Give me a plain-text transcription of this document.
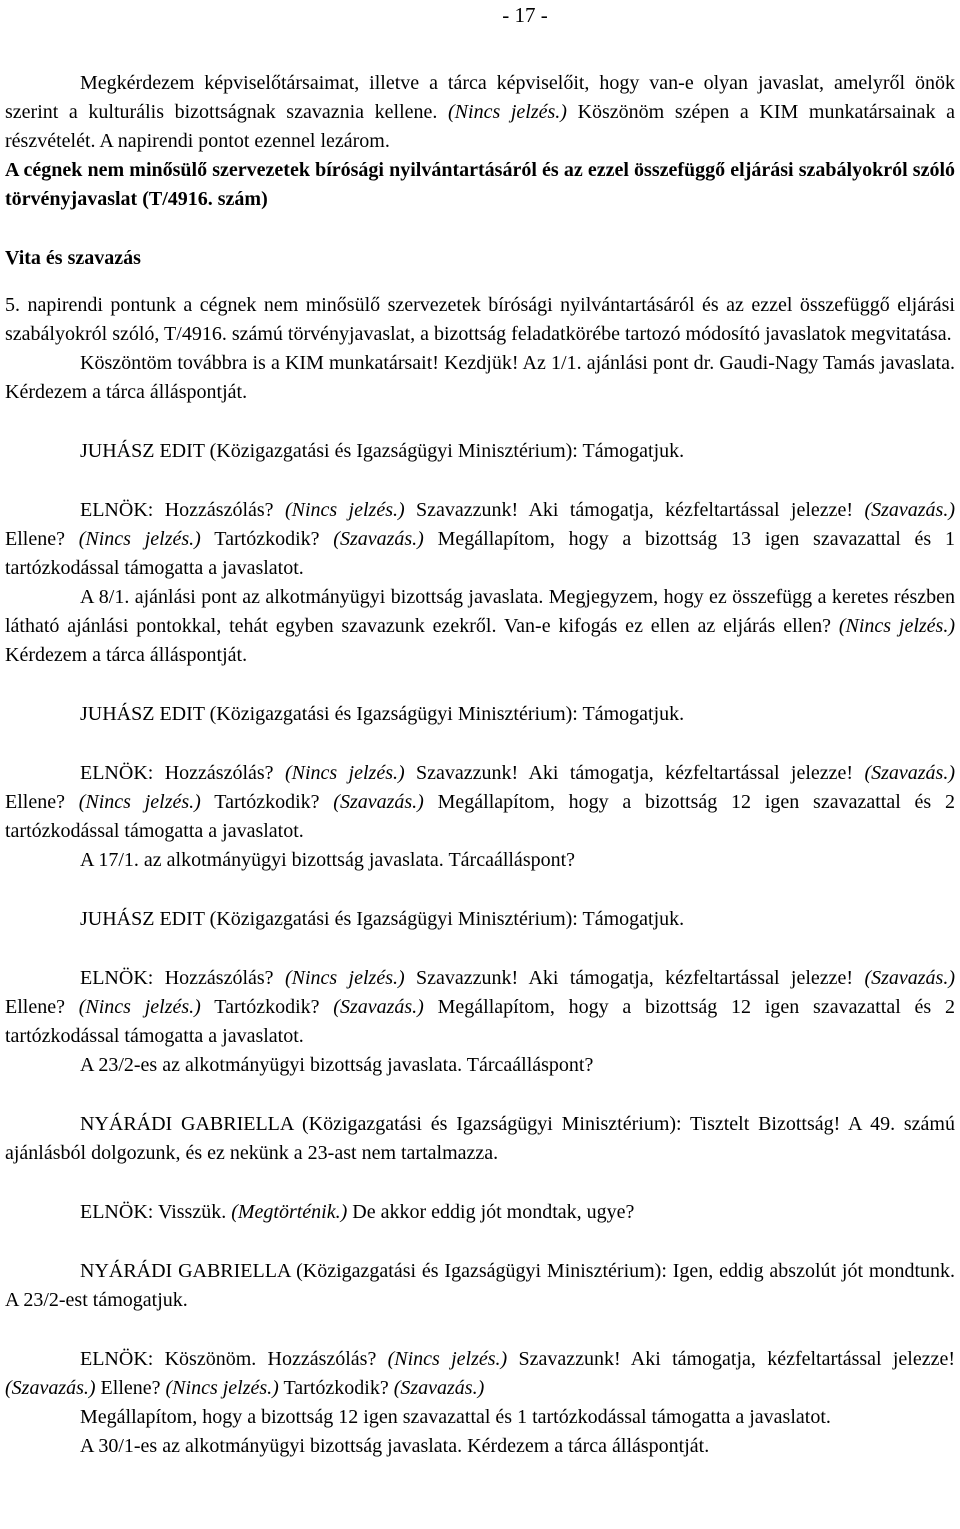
- 17 -

Megkérdezem képviselőtársaimat, illetve a tárca képviselőit, hogy van-e olyan javaslat, amelyről önök szerint a kulturális bizottságnak szavaznia kellene. (Nincs jelzés.) Köszönöm szépen a KIM munkatársainak a részvételét. A napirendi pontot ezennel lezárom.

A cégnek nem minősülő szervezetek bírósági nyilvántartásáról és az ezzel összefüggő eljárási szabályokról szóló törvényjavaslat (T/4916. szám)

Vita és szavazás

5. napirendi pontunk a cégnek nem minősülő szervezetek bírósági nyilvántartásáról és az ezzel összefüggő eljárási szabályokról szóló, T/4916. számú törvényjavaslat, a bizottság feladatkörébe tartozó módosító javaslatok megvitatása.

Köszöntöm továbbra is a KIM munkatársait! Kezdjük! Az 1/1. ajánlási pont dr. Gaudi-Nagy Tamás javaslata. Kérdezem a tárca álláspontját.

JUHÁSZ EDIT (Közigazgatási és Igazságügyi Minisztérium): Támogatjuk.

ELNÖK: Hozzászólás? (Nincs jelzés.) Szavazzunk! Aki támogatja, kézfeltartással jelezze! (Szavazás.) Ellene? (Nincs jelzés.) Tartózkodik? (Szavazás.) Megállapítom, hogy a bizottság 13 igen szavazattal és 1 tartózkodással támogatta a javaslatot.

A 8/1. ajánlási pont az alkotmányügyi bizottság javaslata. Megjegyzem, hogy ez összefügg a keretes részben látható ajánlási pontokkal, tehát egyben szavazunk ezekről. Van-e kifogás ez ellen az eljárás ellen? (Nincs jelzés.) Kérdezem a tárca álláspontját.

JUHÁSZ EDIT (Közigazgatási és Igazságügyi Minisztérium): Támogatjuk.

ELNÖK: Hozzászólás? (Nincs jelzés.) Szavazzunk! Aki támogatja, kézfeltartással jelezze! (Szavazás.) Ellene? (Nincs jelzés.) Tartózkodik? (Szavazás.) Megállapítom, hogy a bizottság 12 igen szavazattal és 2 tartózkodással támogatta a javaslatot.

A 17/1. az alkotmányügyi bizottság javaslata. Tárcaálláspont?

JUHÁSZ EDIT (Közigazgatási és Igazságügyi Minisztérium): Támogatjuk.

ELNÖK: Hozzászólás? (Nincs jelzés.) Szavazzunk! Aki támogatja, kézfeltartással jelezze! (Szavazás.) Ellene? (Nincs jelzés.) Tartózkodik? (Szavazás.) Megállapítom, hogy a bizottság 12 igen szavazattal és 2 tartózkodással támogatta a javaslatot.

A 23/2-es az alkotmányügyi bizottság javaslata. Tárcaálláspont?

NYÁRÁDI GABRIELLA (Közigazgatási és Igazságügyi Minisztérium): Tisztelt Bizottság! A 49. számú ajánlásból dolgozunk, és ez nekünk a 23-ast nem tartalmazza.

ELNÖK: Visszük. (Megtörténik.) De akkor eddig jót mondtak, ugye?

NYÁRÁDI GABRIELLA (Közigazgatási és Igazságügyi Minisztérium): Igen, eddig abszolút jót mondtunk. A 23/2-est támogatjuk.

ELNÖK: Köszönöm. Hozzászólás? (Nincs jelzés.) Szavazzunk! Aki támogatja, kézfeltartással jelezze! (Szavazás.) Ellene? (Nincs jelzés.) Tartózkodik? (Szavazás.)

Megállapítom, hogy a bizottság 12 igen szavazattal és 1 tartózkodással támogatta a javaslatot.

A 30/1-es az alkotmányügyi bizottság javaslata. Kérdezem a tárca álláspontját.
